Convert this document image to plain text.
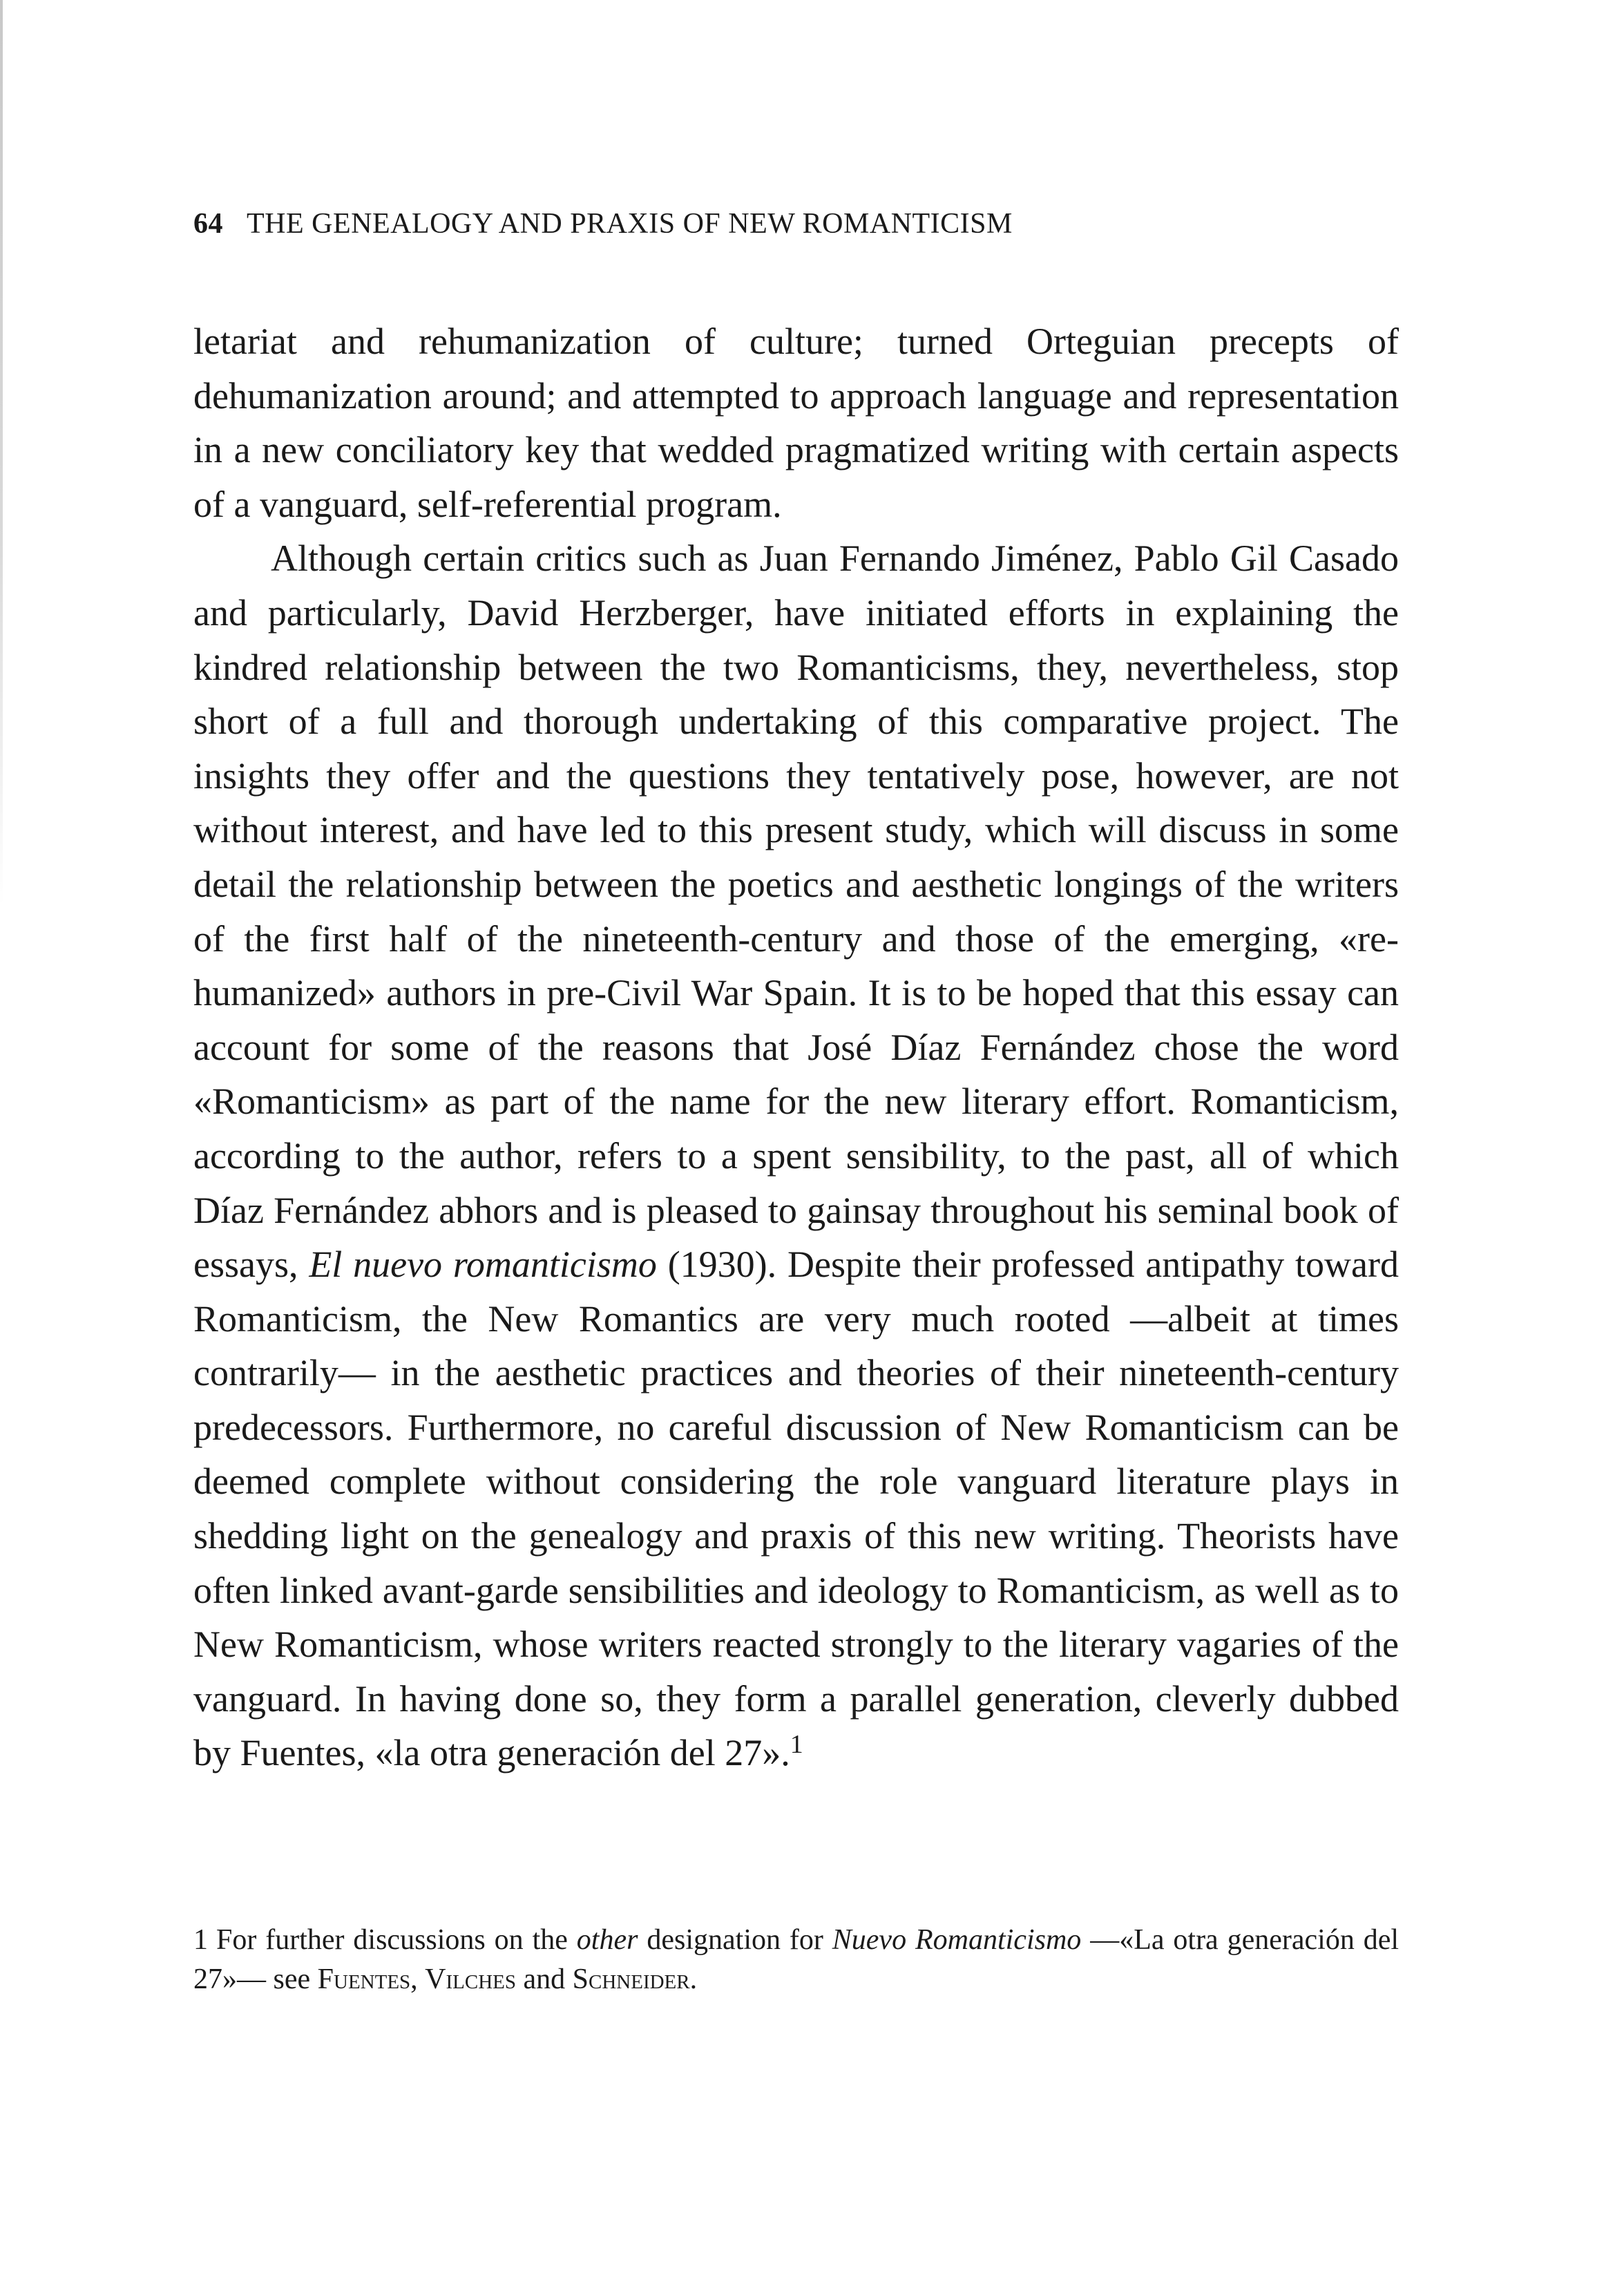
64 THE GENEALOGY AND PRAXIS OF NEW ROMANTICISM

letariat and rehumanization of culture; turned Orteguian precepts of dehumanization around; and attempted to approach language and representation in a new conciliatory key that wedded pragmatized writing with certain aspects of a vanguard, self-referential program.

Although certain critics such as Juan Fernando Jiménez, Pablo Gil Casado and particularly, David Herzberger, have initiated efforts in explaining the kindred relationship between the two Romanticisms, they, nevertheless, stop short of a full and thorough undertaking of this comparative project. The insights they offer and the questions they tentatively pose, however, are not without interest, and have led to this present study, which will discuss in some detail the relationship between the poetics and aesthetic longings of the writers of the first half of the nineteenth-century and those of the emerging, «re-humanized» authors in pre-Civil War Spain. It is to be hoped that this essay can account for some of the reasons that José Díaz Fernández chose the word «Romanticism» as part of the name for the new literary effort. Romanticism, according to the author, refers to a spent sensibility, to the past, all of which Díaz Fernández abhors and is pleased to gainsay throughout his seminal book of essays, El nuevo romanticismo (1930). Despite their professed antipathy toward Romanticism, the New Romantics are very much rooted —albeit at times contrarily— in the aesthetic practices and theories of their nineteenth-century predecessors. Furthermore, no careful discussion of New Romanticism can be deemed complete without considering the role vanguard literature plays in shedding light on the genealogy and praxis of this new writing. Theorists have often linked avant-garde sensibilities and ideology to Romanticism, as well as to New Romanticism, whose writers reacted strongly to the literary vagaries of the vanguard. In having done so, they form a parallel generation, cleverly dubbed by Fuentes, «la otra generación del 27».$^1$

1 For further discussions on the other designation for Nuevo Romanticismo —«La otra generación del 27»— see Fuentes, Vilches and Schneider.
